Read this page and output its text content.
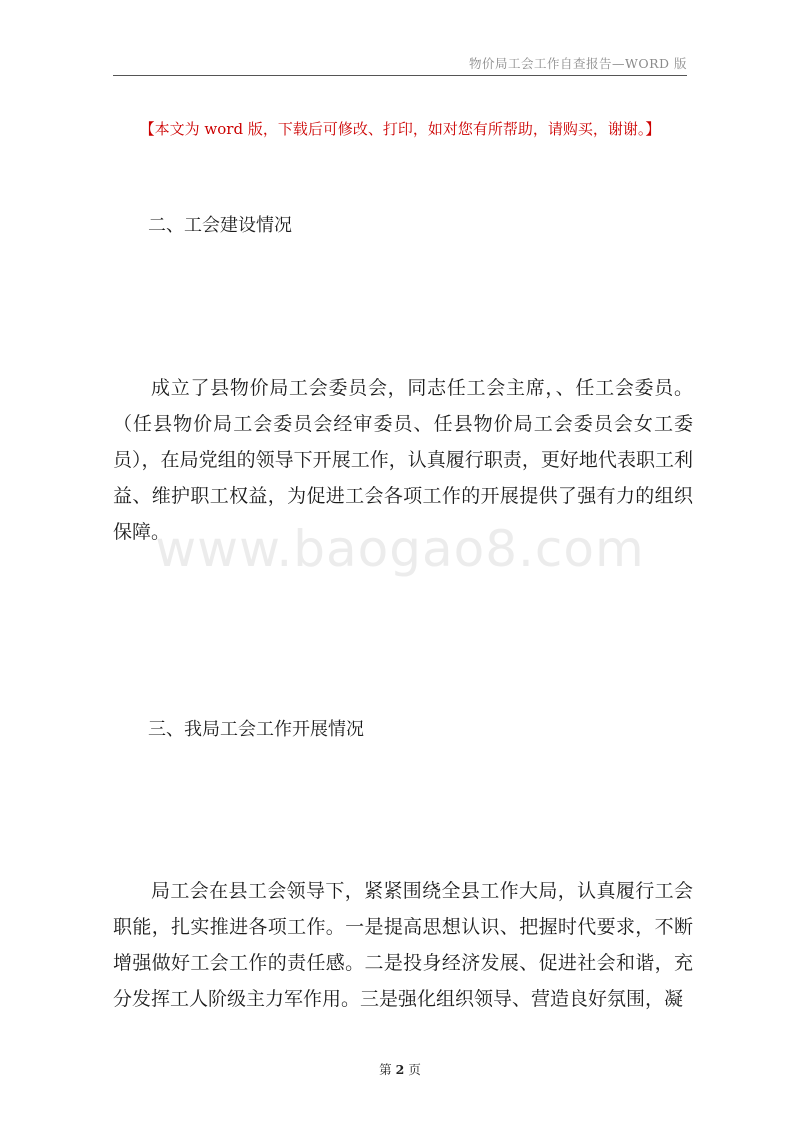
物价局工会工作自查报告—WORD 版
【本文为 word 版，下载后可修改、打印，如对您有所帮助，请购买，谢谢。】
二、工会建设情况

成立了县物价局工会委员会，同志任工会主席，、任工会委员。（任县物价局工会委员会经审委员、任县物价局工会委员会女工委员），在局党组的领导下开展工作，认真履行职责，更好地代表职工利益、维护职工权益，为促进工会各项工作的开展提供了强有力的组织保障。

www.baogao8.com
三、我局工会工作开展情况

局工会在县工会领导下，紧紧围绕全县工作大局，认真履行工会职能，扎实推进各项工作。一是提高思想认识、把握时代要求，不断增强做好工会工作的责任感。二是投身经济发展、促进社会和谐，充分发挥工人阶级主力军作用。三是强化组织领导、营造良好氛围，凝

第 2 页
